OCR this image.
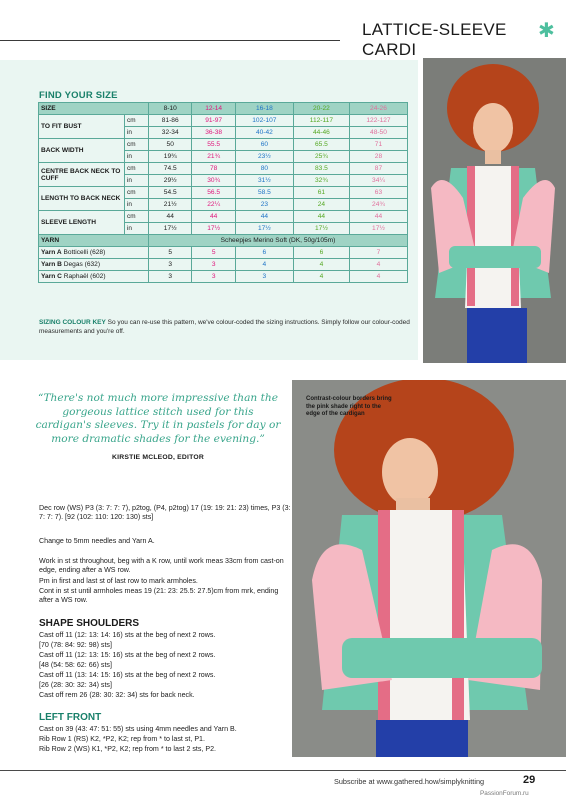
LATTICE-SLEEVE CARDI
✱
FIND YOUR SIZE
SIZE		8-10	12-14	16-18	20-22	24-26
TO FIT BUST	cm	81-86	91-97	102-107	112-117	122-127
	in	32-34	36-38	40-42	44-46	48-50
BACK WIDTH	cm	50	55.5	60	65.5	71
	in	19¾	21¾	23½	25¾	28
CENTRE BACK NECK TO CUFF	cm	74.5	78	80	83.5	87
	in	29½	30¾	31½	32¾	34¼
LENGTH TO BACK NECK	cm	54.5	56.5	58.5	61	63
	in	21½	22¼	23	24	24¾
SLEEVE LENGTH	cm	44	44	44	44	44
	in	17½	17½	17½	17½	17½
YARN		Scheepjes Merino Soft (DK, 50g/105m)				
Yarn A Botticelli (628)		5	5	6	6	7
Yarn B Degas (632)		3	3	4	4	4
Yarn C Raphaël (602)		3	3	3	4	4
SIZING COLOUR KEY So you can re-use this pattern, we've colour-coded the sizing instructions. Simply follow our colour-coded measurements and you're off.
“There's not much more impressive than the gorgeous lattice stitch used for this cardigan's sleeves. Try it in pastels for day or more dramatic shades for the evening.”
KIRSTIE MCLEOD, EDITOR
Contrast-colour borders bring the pink shade right to the edge of the cardigan
Dec row (WS) P3 (3: 7: 7: 7), p2tog, (P4, p2tog) 17 (19: 19: 21: 23) times, P3 (3: 7: 7: 7). [92 (102: 110: 120: 130) sts]
Change to 5mm needles and Yarn A.
Work in st st throughout, beg with a K row, until work meas 33cm from cast-on edge, ending after a WS row.
Pm in first and last st of last row to mark armholes.
Cont in st st until armholes meas 19 (21: 23: 25.5: 27.5)cm from mrk, ending after a WS row.
SHAPE SHOULDERS
Cast off 11 (12: 13: 14: 16) sts at the beg of next 2 rows.
[70 (78: 84: 92: 98) sts]
Cast off 11 (12: 13: 15: 16) sts at the beg of next 2 rows.
[48 (54: 58: 62: 66) sts]
Cast off 11 (13: 14: 15: 16) sts at the beg of next 2 rows.
[26 (28: 30: 32: 34) sts]
Cast off rem 26 (28: 30: 32: 34) sts for back neck.
LEFT FRONT
Cast on 39 (43: 47: 51: 55) sts using 4mm needles and Yarn B.
Rib Row 1 (RS) K2, *P2, K2; rep from * to last st, P1.
Rib Row 2 (WS) K1, *P2, K2; rep from * to last 2 sts, P2.
Subscribe at www.gathered.how/simplyknitting	29
PassionForum.ru
